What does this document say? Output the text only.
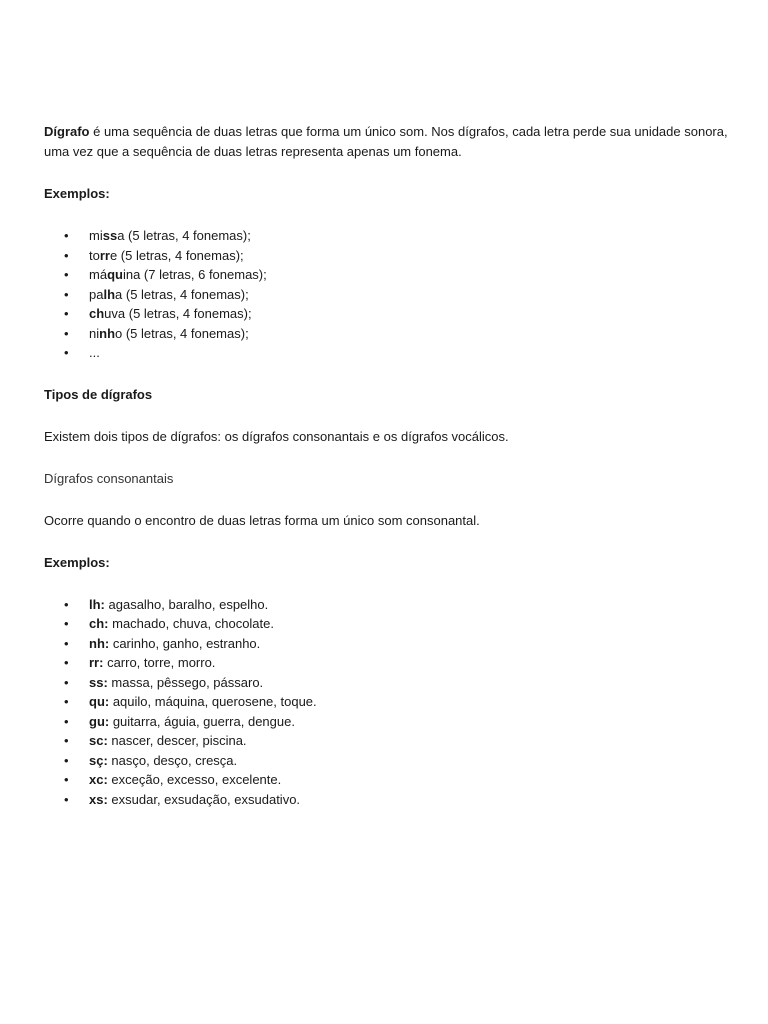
Dígrafo é uma sequência de duas letras que forma um único som. Nos dígrafos, cada letra perde sua unidade sonora, uma vez que a sequência de duas letras representa apenas um fonema.

Exemplos:

• missa (5 letras, 4 fonemas);
• torre (5 letras, 4 fonemas);
• máquina (7 letras, 6 fonemas);
• palha (5 letras, 4 fonemas);
• chuva (5 letras, 4 fonemas);
• ninho (5 letras, 4 fonemas);
• ...

Tipos de dígrafos

Existem dois tipos de dígrafos: os dígrafos consonantais e os dígrafos vocálicos.

Dígrafos consonantais

Ocorre quando o encontro de duas letras forma um único som consonantal.

Exemplos:

• lh: agasalho, baralho, espelho.
• ch: machado, chuva, chocolate.
• nh: carinho, ganho, estranho.
• rr: carro, torre, morro.
• ss: massa, pêssego, pássaro.
• qu: aquilo, máquina, querosene, toque.
• gu: guitarra, águia, guerra, dengue.
• sc: nascer, descer, piscina.
• sç: nasço, desço, cresça.
• xc: exceção, excesso, excelente.
• xs: exsudar, exsudação, exsudativo.
